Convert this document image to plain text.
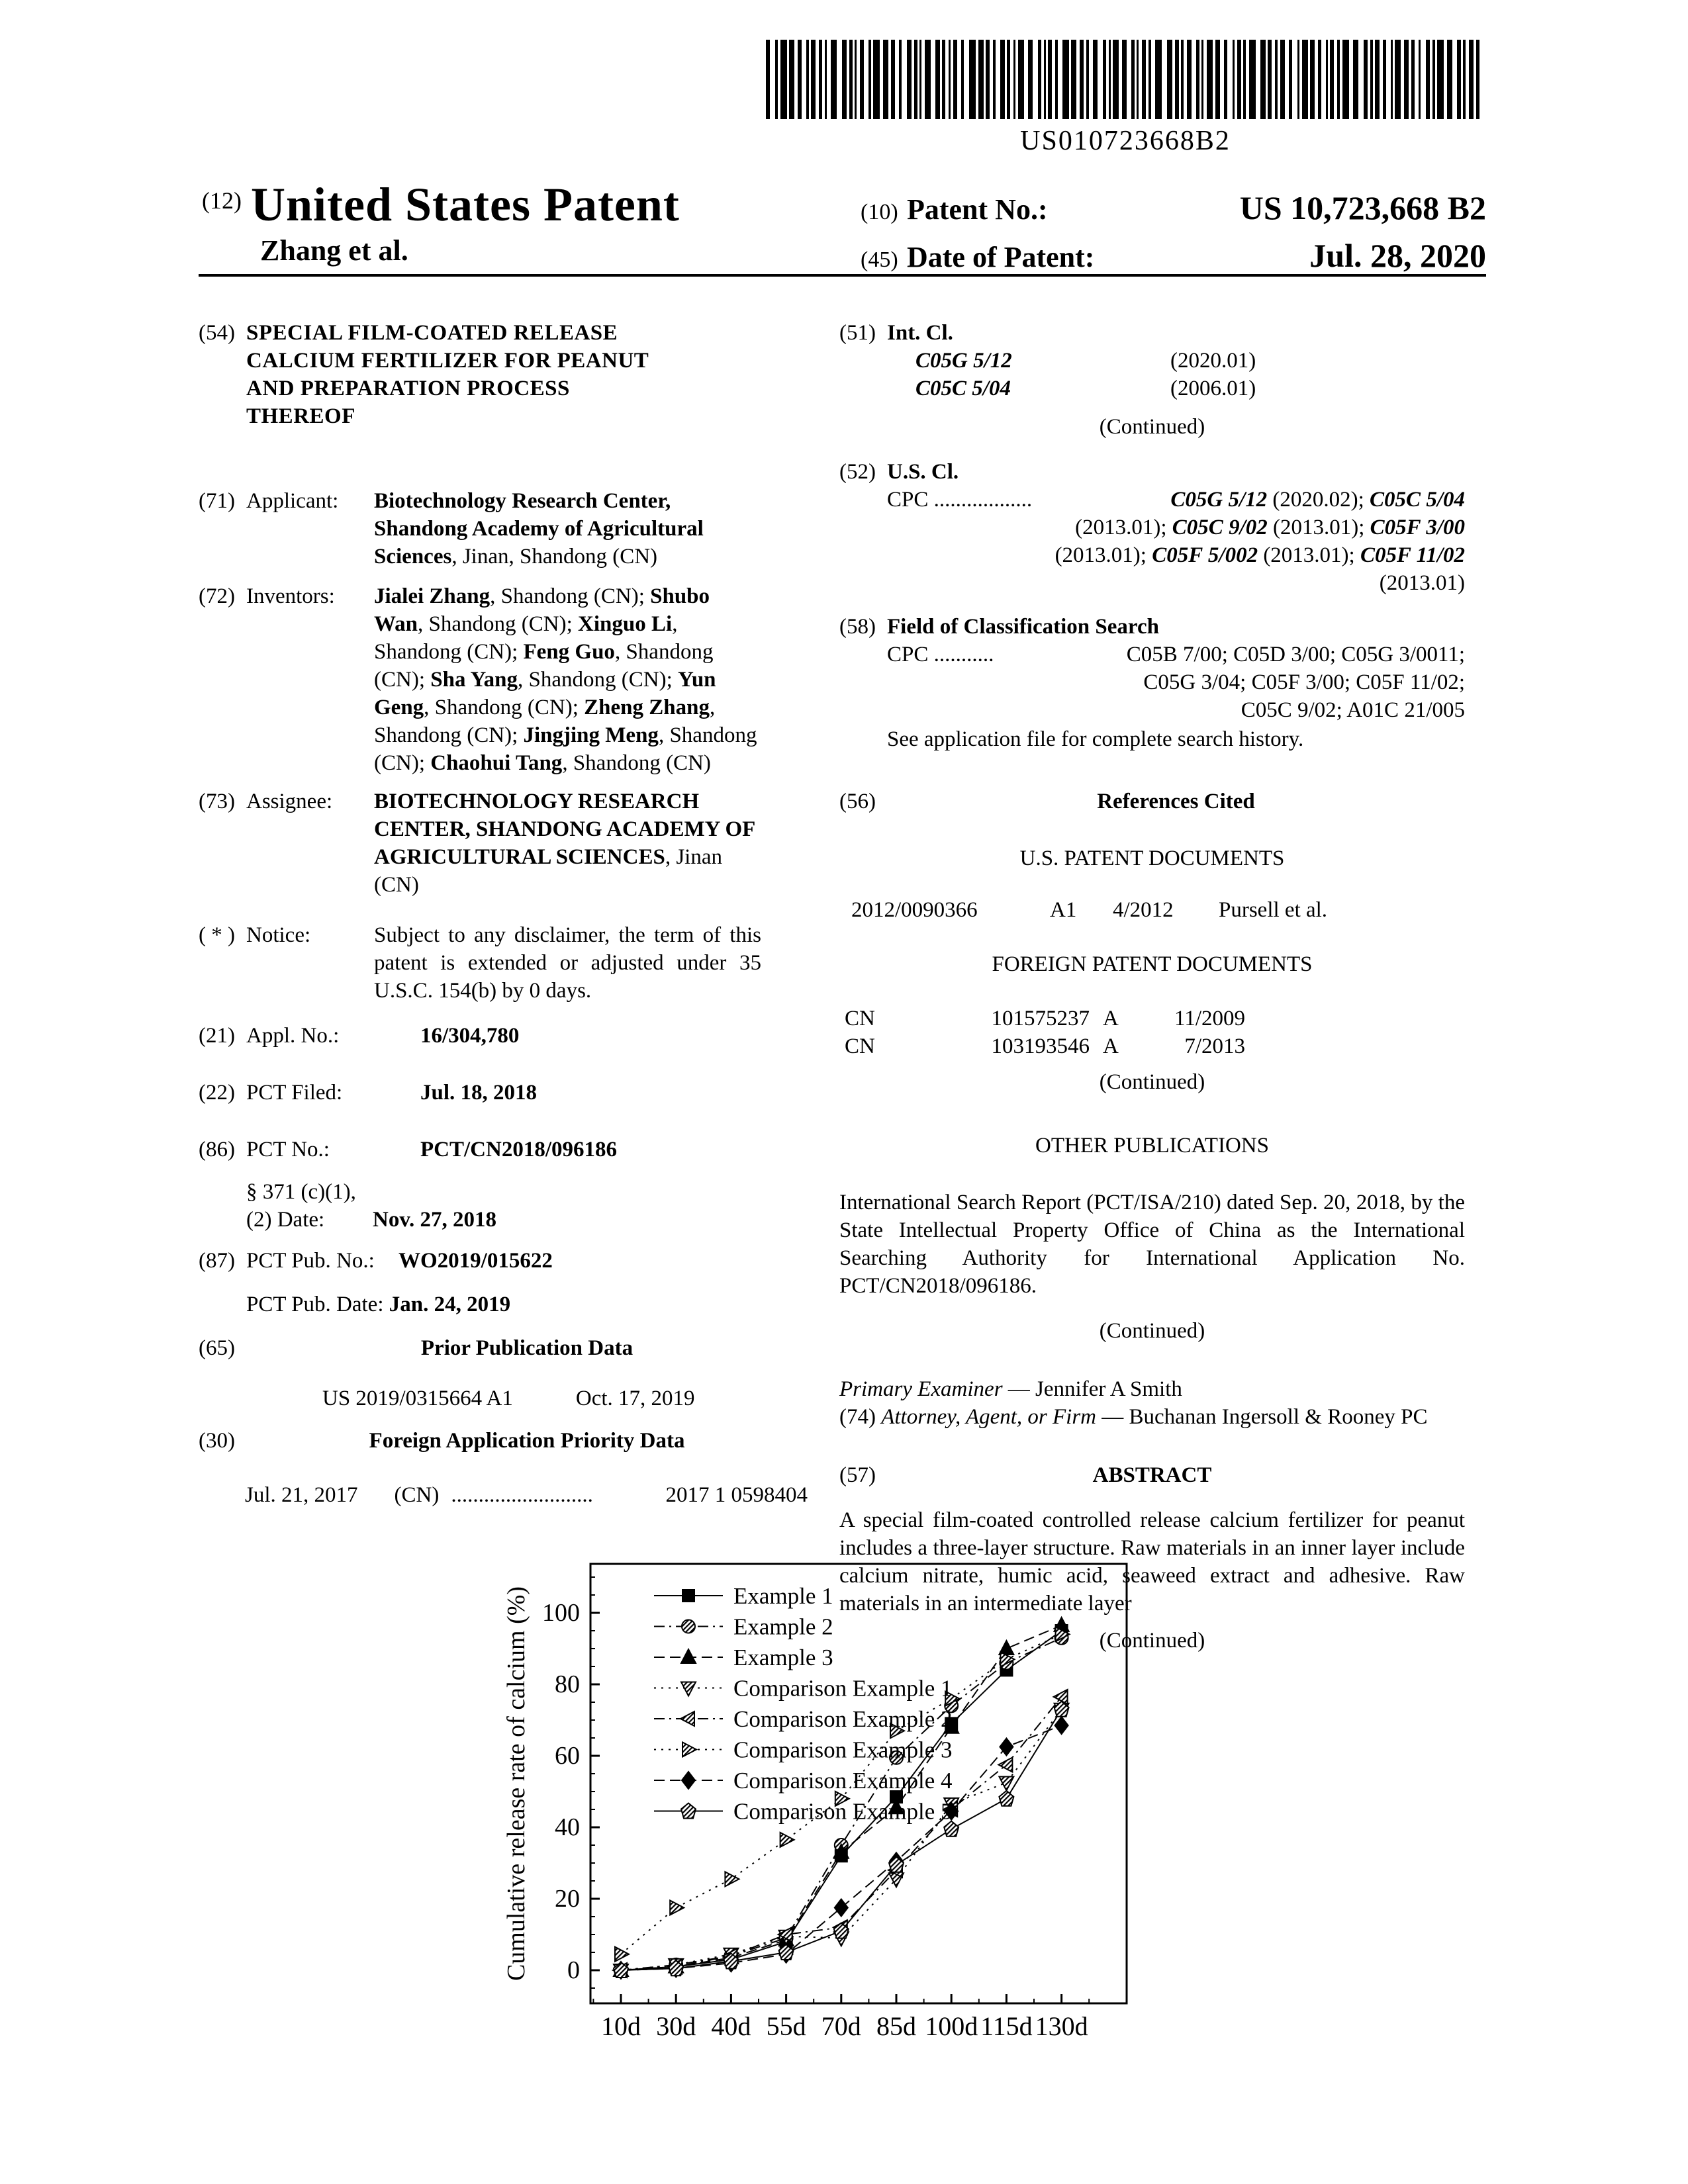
US010723668B2
(12) United States Patent
Zhang et al.
(10) Patent No.:	US 10,723,668 B2
(45) Date of Patent:	Jul. 28, 2020
(54) SPECIAL FILM-COATED RELEASE CALCIUM FERTILIZER FOR PEANUT AND PREPARATION PROCESS THEREOF
(71) Applicant:	Biotechnology Research Center, Shandong Academy of Agricultural Sciences, Jinan, Shandong (CN)
(72) Inventors:	Jialei Zhang, Shandong (CN); Shubo Wan, Shandong (CN); Xinguo Li, Shandong (CN); Feng Guo, Shandong (CN); Sha Yang, Shandong (CN); Yun Geng, Shandong (CN); Zheng Zhang, Shandong (CN); Jingjing Meng, Shandong (CN); Chaohui Tang, Shandong (CN)
(73) Assignee:	BIOTECHNOLOGY RESEARCH CENTER, SHANDONG ACADEMY OF AGRICULTURAL SCIENCES, Jinan (CN)
( * ) Notice:	Subject to any disclaimer, the term of this patent is extended or adjusted under 35 U.S.C. 154(b) by 0 days.
(21) Appl. No.:	16/304,780
(22) PCT Filed:	Jul. 18, 2018
(86) PCT No.:	PCT/CN2018/096186
§ 371 (c)(1),
(2) Date:	Nov. 27, 2018
(87) PCT Pub. No.:	WO2019/015622
PCT Pub. Date: Jan. 24, 2019
(65)	Prior Publication Data
US 2019/0315664 A1	Oct. 17, 2019
(30)	Foreign Application Priority Data
Jul. 21, 2017 (CN) ..........................	2017 1 0598404
(51) Int. Cl.
C05G 5/12	(2020.01)
C05C 5/04	(2006.01)
(Continued)
(52) U.S. Cl.
CPC ..................	C05G 5/12 (2020.02); C05C 5/04
(2013.01); C05C 9/02 (2013.01); C05F 3/00
(2013.01); C05F 5/002 (2013.01); C05F 11/02
(2013.01)
(58) Field of Classification Search
CPC ...........	C05B 7/00; C05D 3/00; C05G 3/0011;
C05G 3/04; C05F 3/00; C05F 11/02;
C05C 9/02; A01C 21/005
See application file for complete search history.
(56)	References Cited
U.S. PATENT DOCUMENTS
2012/0090366	A1	4/2012	Pursell et al.
FOREIGN PATENT DOCUMENTS
CN	101575237 A	11/2009
CN	103193546 A	7/2013
(Continued)
OTHER PUBLICATIONS
International Search Report (PCT/ISA/210) dated Sep. 20, 2018, by the State Intellectual Property Office of China as the International Searching Authority for International Application No. PCT/CN2018/096186.
(Continued)
Primary Examiner — Jennifer A Smith
(74) Attorney, Agent, or Firm — Buchanan Ingersoll & Rooney PC
(57)	ABSTRACT
A special film-coated controlled release calcium fertilizer for peanut includes a three-layer structure. Raw materials in an inner layer include calcium nitrate, humic acid, seaweed extract and adhesive. Raw materials in an intermediate layer
(Continued)
0
20
40
60
80
100
10d 30d 40d 55d 70d 85d 100d 115d 130d
Cumulative release rate of calcium (%)	Example 1
Example 2
Example 3
Comparison Example 1
Comparison Example 2
Comparison Example 3
Comparison Example 4
Comparison Example 5
